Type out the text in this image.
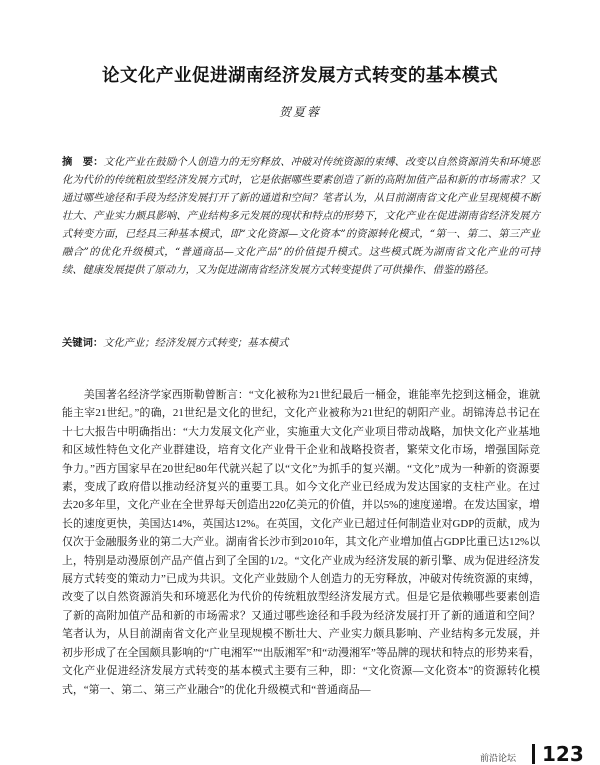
论文化产业促进湖南经济发展方式转变的基本模式
贺夏蓉
摘　要：文化产业在鼓励个人创造力的无穷释放、冲破对传统资源的束缚、改变以自然资源消失和环境恶化为代价的传统粗放型经济发展方式时，它是依据哪些要素创造了新的高附加值产品和新的市场需求？又通过哪些途径和手段为经济发展打开了新的通道和空间？笔者认为，从目前湖南省文化产业呈现规模不断壮大、产业实力颇具影响、产业结构多元发展的现状和特点的形势下，文化产业在促进湖南省经济发展方式转变方面，已经具三种基本模式，即“文化资源—文化资本”的资源转化模式，“第一、第二、第三产业融合”的优化升级模式，“普通商品—文化产品”的价值提升模式。这些模式既为湖南省文化产业的可持续、健康发展提供了原动力，又为促进湖南省经济发展方式转变提供了可供操作、借鉴的路径。
关键词：文化产业；经济发展方式转变；基本模式

美国著名经济学家西斯勒曾断言：“文化被称为21世纪最后一桶金，谁能率先挖到这桶金，谁就能主宰21世纪。”的确，21世纪是文化的世纪，文化产业被称为21世纪的朝阳产业。胡锦涛总书记在十七大报告中明确指出：“大力发展文化产业，实施重大文化产业项目带动战略，加快文化产业基地和区域性特色文化产业群建设，培育文化产业骨干企业和战略投资者，繁荣文化市场，增强国际竞争力。”西方国家早在20世纪80年代就兴起了以“文化”为抓手的复兴潮。“文化”成为一种新的资源要素，变成了政府借以推动经济复兴的重要工具。如今文化产业已经成为发达国家的支柱产业。在过去20多年里，文化产业在全世界每天创造出220亿美元的价值，并以5%的速度递增。在发达国家，增长的速度更快，美国达14%，英国达12%。在英国，文化产业已超过任何制造业对GDP的贡献，成为仅次于金融服务业的第二大产业。湖南省长沙市到2010年，其文化产业增加值占GDP比重已达12%以上，特别是动漫原创产品产值占到了全国的1/2。“文化产业成为经济发展的新引擎、成为促进经济发展方式转变的策动力”已成为共识。文化产业鼓励个人创造力的无穷释放，冲破对传统资源的束缚，改变了以自然资源消失和环境恶化为代价的传统粗放型经济发展方式。但是它是依赖哪些要素创造了新的高附加值产品和新的市场需求？又通过哪些途径和手段为经济发展打开了新的通道和空间？笔者认为，从目前湖南省文化产业呈现规模不断壮大、产业实力颇具影响、产业结构多元发展，并初步形成了在全国颇具影响的“广电湘军”“出版湘军”和“动漫湘军”等品牌的现状和特点的形势来看，文化产业促进经济发展方式转变的基本模式主要有三种，即：“文化资源—文化资本”的资源转化模式，“第一、第二、第三产业融合”的优化升级模式和“普通商品—

前沿论坛 123
